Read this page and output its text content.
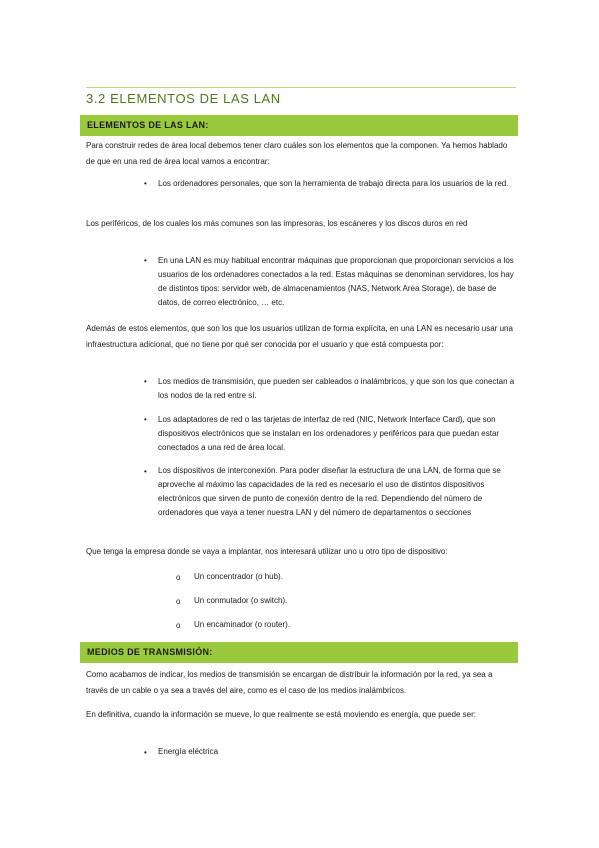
3.2 ELEMENTOS DE LAS LAN
ELEMENTOS DE LAS LAN:

Para construir redes de área local debemos tener claro cuáles son los elementos que la componen. Ya hemos hablado de que en una red de área local vamos a encontrar:

• Los ordenadores personales, que son la herramienta de trabajo directa para los usuarios de la red.

Los periféricos, de los cuales los más comunes son las impresoras, los escáneres y los discos duros en red

• En una LAN es muy habitual encontrar máquinas que proporcionan que proporcionan servicios a los usuarios de los ordenadores conectados a la red. Estas máquinas se denominan servidores, los hay de distintos tipos: servidor web, de almacenamientos (NAS, Network Area Storage), de base de datos, de correo electrónico, … etc.

Además de estos elementos, que son los que los usuarios utilizan de forma explícita, en una LAN es necesario usar una infraestructura adicional, que no tiene por qué ser conocida por el usuario y que está compuesta por:

• Los medios de transmisión, que pueden ser cableados o inalámbricos, y que son los que conectan a los nodos de la red entre sí.

• Los adaptadores de red o las tarjetas de interfaz de red (NIC, Network Interface Card), que son dispositivos electrónicos que se instalan en los ordenadores y periféricos para que puedan estar conectados a una red de área local.

• Los dispositivos de interconexión. Para poder diseñar la estructura de una LAN, de forma que se aproveche al máximo las capacidades de la red es necesario el uso de distintos dispositivos electrónicos que sirven de punto de conexión dentro de la red. Dependiendo del número de ordenadores que vaya a tener nuestra LAN y del número de departamentos o secciones

Que tenga la empresa donde se vaya a implantar, nos interesará utilizar uno u otro tipo de dispositivo:

o Un concentrador (o hub).
o Un conmutador (o switch).
o Un encaminador (o router).
MEDIOS DE TRANSMISIÓN:

Como acabamos de indicar, los medios de transmisión se encargan de distribuir la información por la red, ya sea a través de un cable o ya sea a través del aire, como es el caso de los medios inalámbricos.

En definitiva, cuando la información se mueve, lo que realmente se está moviendo es energía, que puede ser:

• Energía eléctrica
